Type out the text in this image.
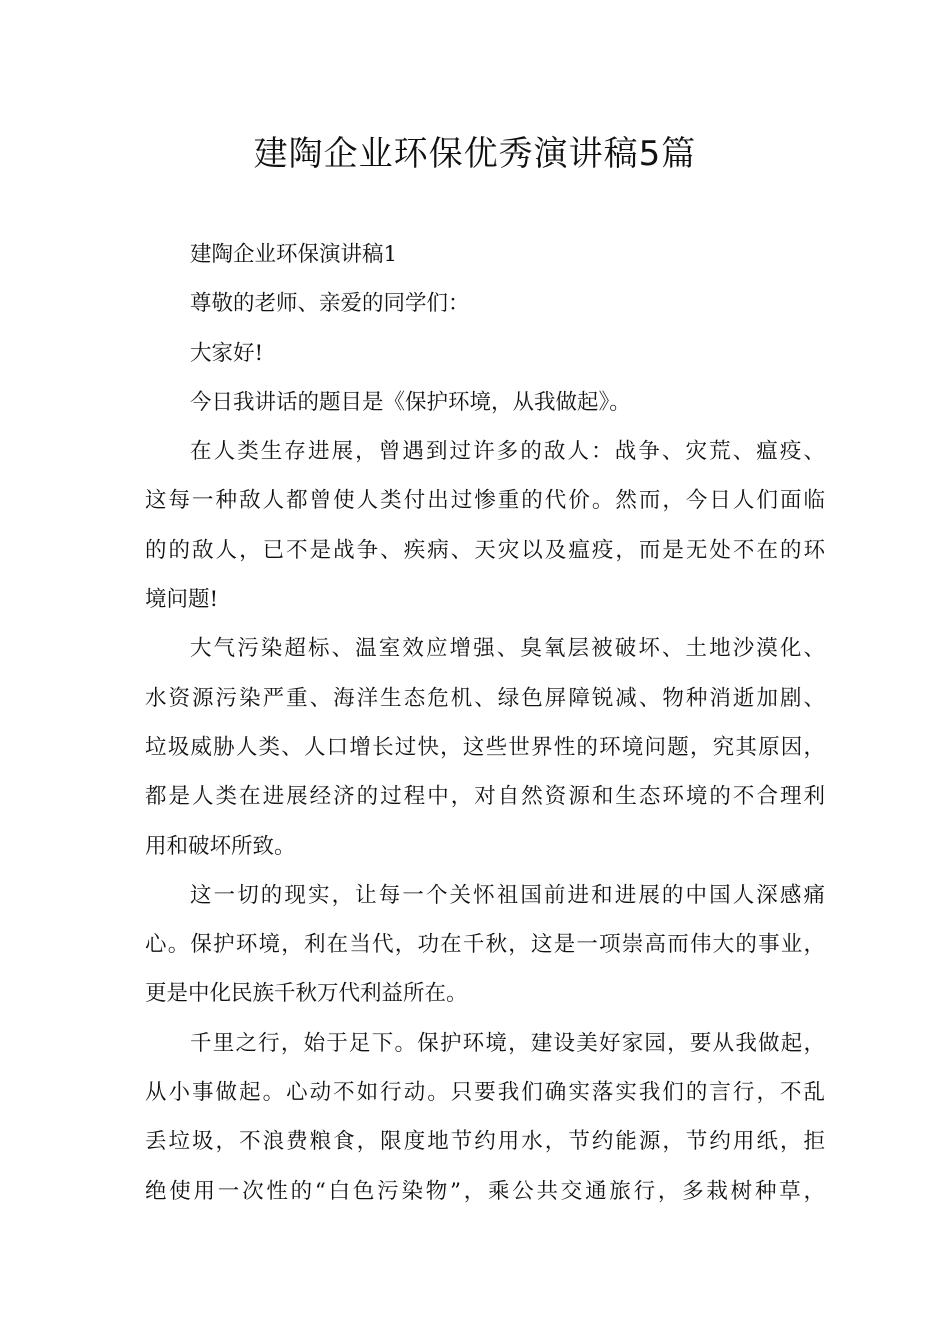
建陶企业环保优秀演讲稿5篇

建陶企业环保演讲稿1

尊敬的老师、亲爱的同学们：

大家好!

今日我讲话的题目是《保护环境，从我做起》。

在人类生存进展，曾遇到过许多的敌人：战争、灾荒、瘟疫、
这每一种敌人都曾使人类付出过惨重的代价。然而，今日人们面临
的的敌人，已不是战争、疾病、天灾以及瘟疫，而是无处不在的环
境问题!

大气污染超标、温室效应增强、臭氧层被破坏、土地沙漠化、
水资源污染严重、海洋生态危机、绿色屏障锐减、物种消逝加剧、
垃圾威胁人类、人口增长过快，这些世界性的环境问题，究其原因，
都是人类在进展经济的过程中，对自然资源和生态环境的不合理利
用和破坏所致。

这一切的现实，让每一个关怀祖国前进和进展的中国人深感痛
心。保护环境，利在当代，功在千秋，这是一项崇高而伟大的事业，
更是中化民族千秋万代利益所在。

千里之行，始于足下。保护环境，建设美好家园，要从我做起，
从小事做起。心动不如行动。只要我们确实落实我们的言行，不乱
丢垃圾，不浪费粮食，限度地节约用水，节约能源，节约用纸，拒
绝使用一次性的“白色污染物”，乘公共交通旅行，多栽树种草，
